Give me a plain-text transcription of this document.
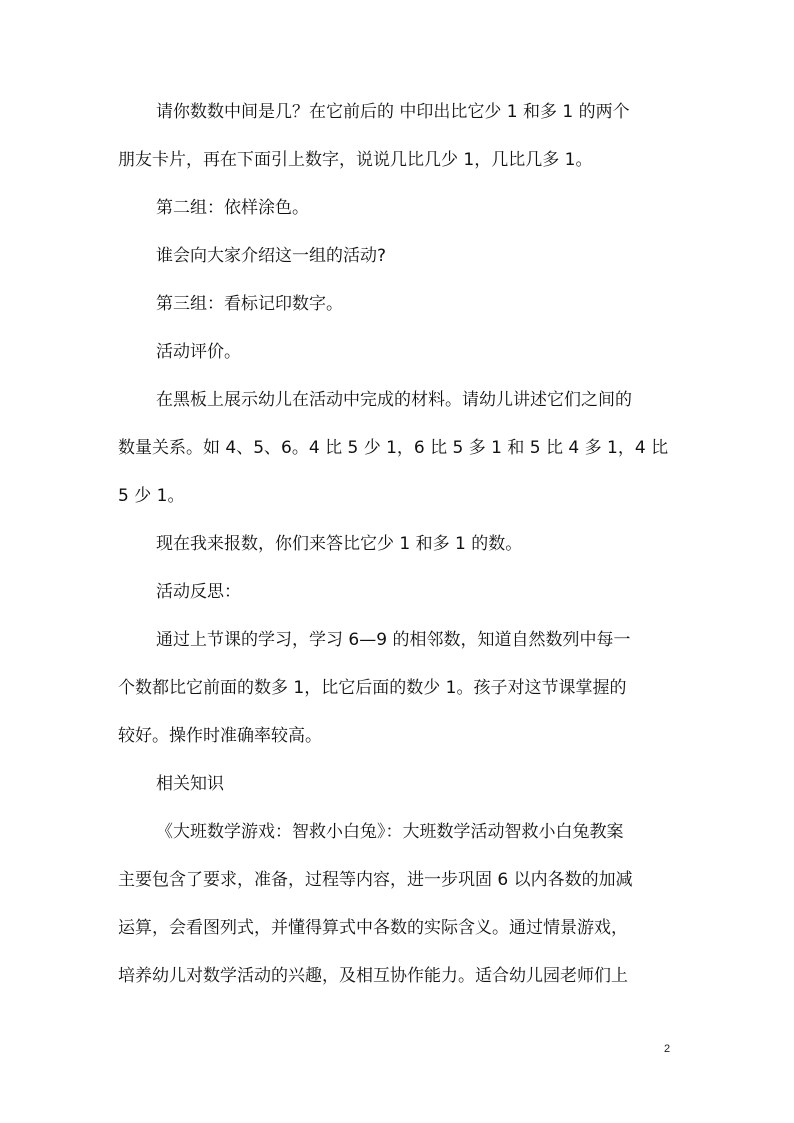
请你数数中间是几？在它前后的 中印出比它少 1 和多 1 的两个
朋友卡片，再在下面引上数字，说说几比几少 1，几比几多 1。

第二组：依样涂色。

谁会向大家介绍这一组的活动?

第三组：看标记印数字。

活动评价。

在黑板上展示幼儿在活动中完成的材料。请幼儿讲述它们之间的
数量关系。如 4、5、6。4 比 5 少 1，6 比 5 多 1 和 5 比 4 多 1，4 比
5 少 1。

现在我来报数，你们来答比它少 1 和多 1 的数。

活动反思：

通过上节课的学习，学习 6—9 的相邻数，知道自然数列中每一
个数都比它前面的数多 1，比它后面的数少 1。孩子对这节课掌握的
较好。操作时准确率较高。

相关知识

《大班数学游戏：智救小白兔》：大班数学活动智救小白兔教案
主要包含了要求，准备，过程等内容，进一步巩固 6 以内各数的加减
运算，会看图列式，并懂得算式中各数的实际含义。通过情景游戏，
培养幼儿对数学活动的兴趣，及相互协作能力。适合幼儿园老师们上

2
